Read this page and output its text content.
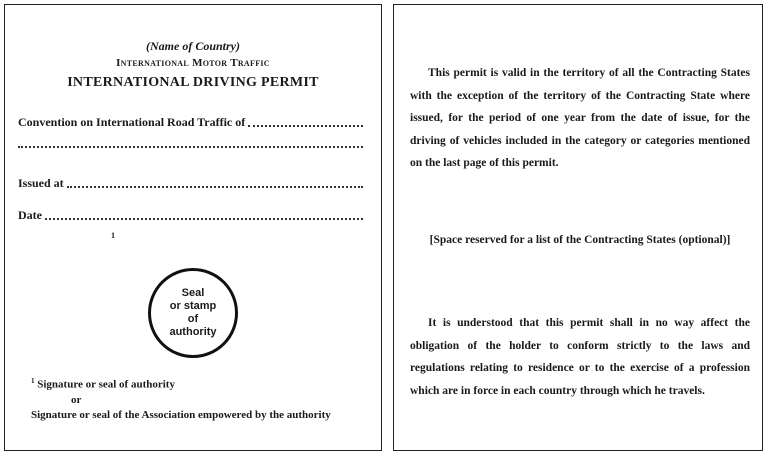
(Name of Country)
International Motor Traffic
INTERNATIONAL DRIVING PERMIT
Convention on International Road Traffic of
Issued at
Date
1
Seal
or stamp
of
authority
$^1$ Signature or seal of authority
or
Signature or seal of the Association empowered by the authority
This permit is valid in the territory of all the Contracting States with the exception of the territory of the Contracting State where issued, for the period of one year from the date of issue, for the driving of vehicles included in the category or categories mentioned on the last page of this permit.
[Space reserved for a list of the Contracting States (optional)]
It is understood that this permit shall in no way affect the obligation of the holder to conform strictly to the laws and regulations relating to residence or to the exercise of a profession which are in force in each country through which he travels.
